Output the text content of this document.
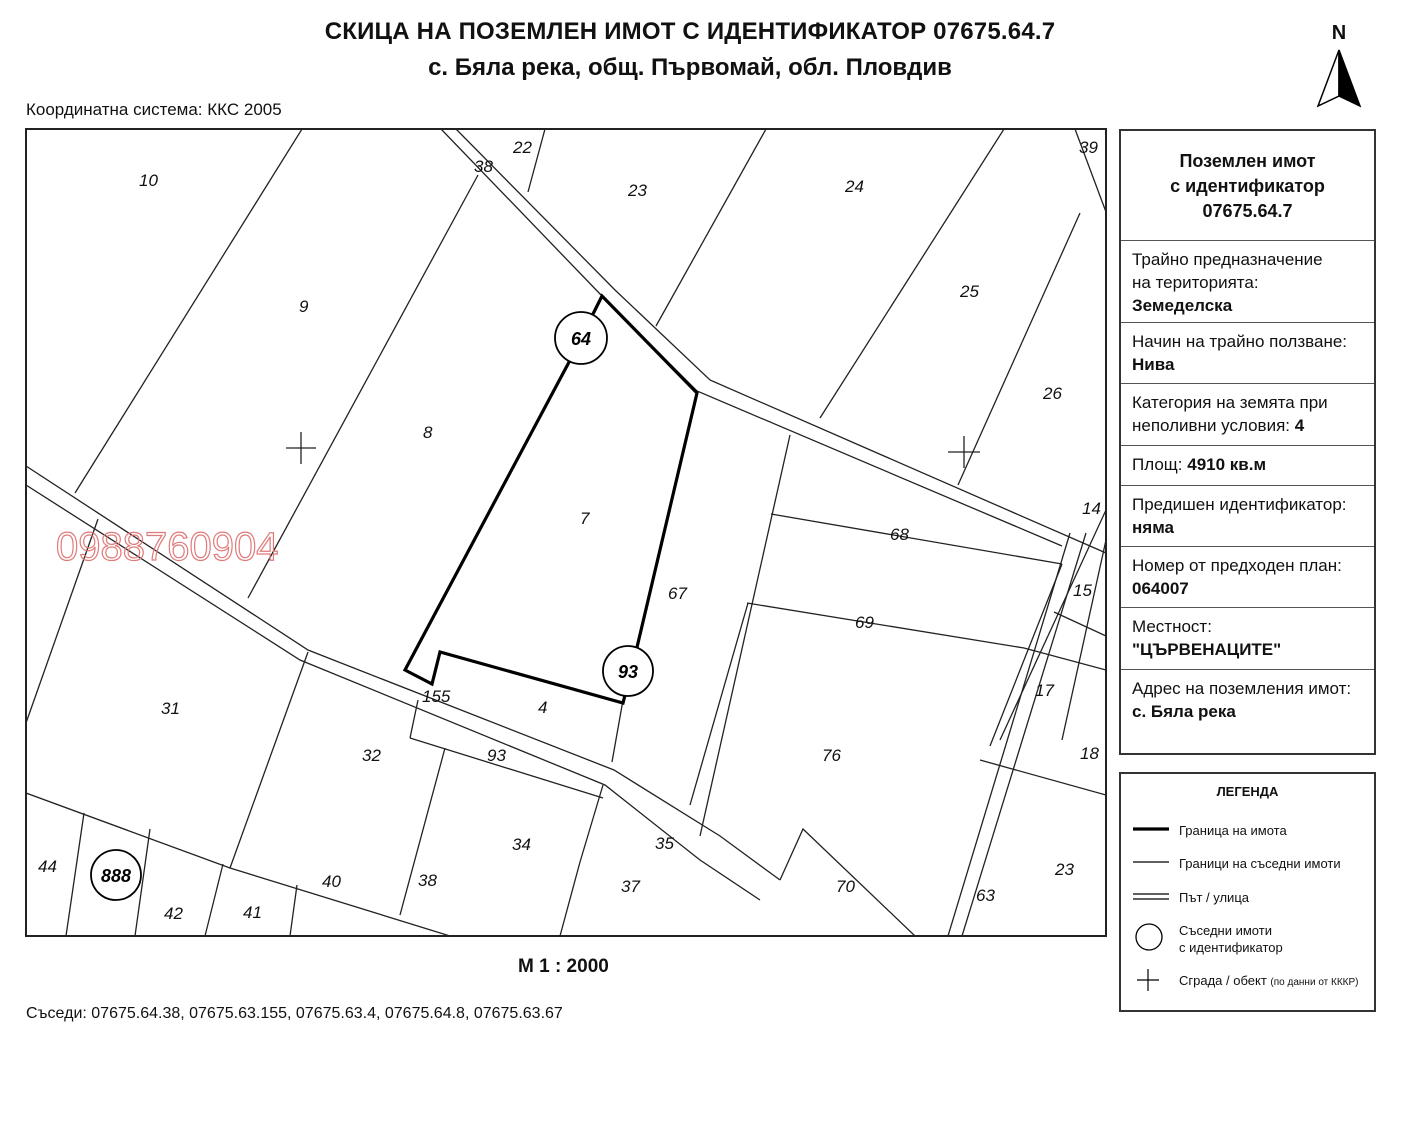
СКИЦА НА ПОЗЕМЛЕН ИМОТ С ИДЕНТИФИКАТОР 07675.64.7
с. Бяла река, общ. Първомай, обл. Пловдив
Координатна система: ККС 2005
N
0988760904
10
22
38
23	24
39
9
25
26
8
7
68
14
67	15
69
31
155
4
17
32	93	76	18
34	35
44
40	38	37	70	63
23
42	41
64
93
888
Поземлен имот
с идентификатор
07675.64.7
Трайно предназначение
на територията:
Земеделска
Начин на трайно ползване:
Нива
Категория на земята при
неполивни условия: 4
Площ: 4910 кв.м
Предишен идентификатор:
няма
Номер от предходен план:
064007
Местност:
"ЦЪРВЕНАЦИТЕ"
Адрес на поземления имот:
с. Бяла река
ЛЕГЕНДА
Граница на имота
Граници на съседни имоти
Път / улица
Съседни имоти
с идентификатор
Сграда / обект (по данни от КККР)
М 1 : 2000
Съседи: 07675.64.38, 07675.63.155, 07675.63.4, 07675.64.8, 07675.63.67
